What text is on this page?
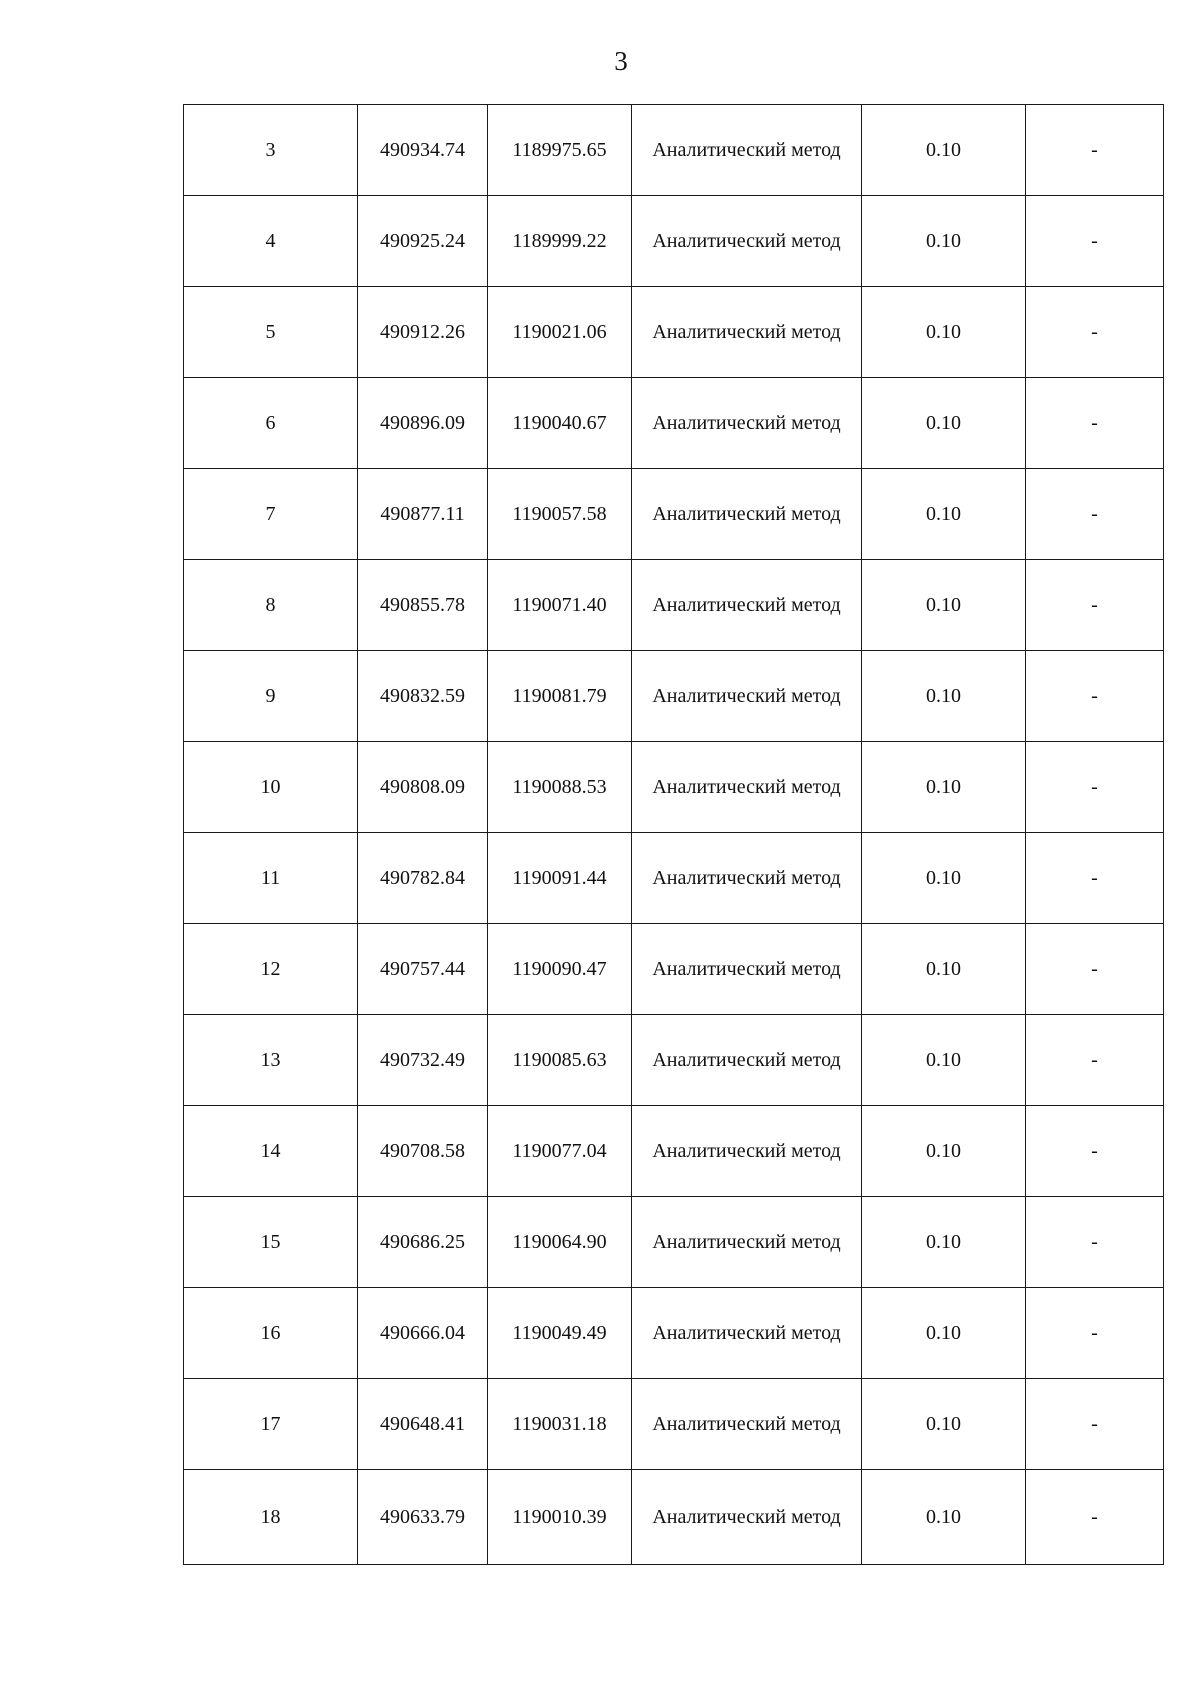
3
3	490934.74	1189975.65	Аналитический метод	0.10	-
4	490925.24	1189999.22	Аналитический метод	0.10	-
5	490912.26	1190021.06	Аналитический метод	0.10	-
6	490896.09	1190040.67	Аналитический метод	0.10	-
7	490877.11	1190057.58	Аналитический метод	0.10	-
8	490855.78	1190071.40	Аналитический метод	0.10	-
9	490832.59	1190081.79	Аналитический метод	0.10	-
10	490808.09	1190088.53	Аналитический метод	0.10	-
11	490782.84	1190091.44	Аналитический метод	0.10	-
12	490757.44	1190090.47	Аналитический метод	0.10	-
13	490732.49	1190085.63	Аналитический метод	0.10	-
14	490708.58	1190077.04	Аналитический метод	0.10	-
15	490686.25	1190064.90	Аналитический метод	0.10	-
16	490666.04	1190049.49	Аналитический метод	0.10	-
17	490648.41	1190031.18	Аналитический метод	0.10	-
18	490633.79	1190010.39	Аналитический метод	0.10	-
